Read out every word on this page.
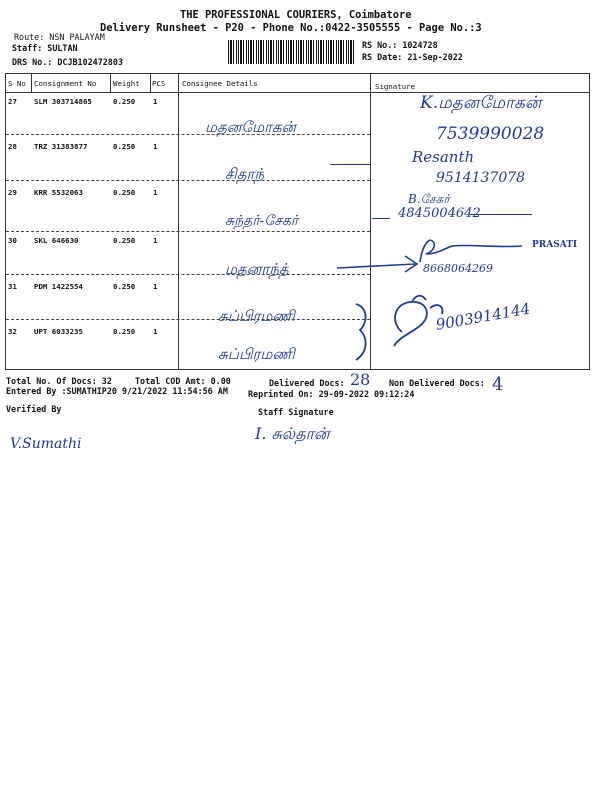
THE PROFESSIONAL COURIERS, Coimbatore
Delivery Runsheet - P20 - Phone No.:0422-3505555 - Page No.:3
Route: NSN PALAYAM
Staff: SULTAN
DRS No.: DCJB102472803
RS No.: 1024728
RS Date: 21-Sep-2022
S No Consignment No Weight PCS Consignee Details	Signature
27 SLM 303714865	0.250 1
மதனமோகன்
K.மதனமோகன்
7539990028
28 TRZ 31383877	0.250 1
சிதாந்
Resanth
9514137078
29 KRR 5532063	0.250 1
சுந்தர்-சேகர்
B.சேகர்
4845004642
30 SKL 646630	0.250 1
மதனாந்த்
PRASATI
8668064269
31 PDM 1422554	0.250 1
சுப்பிரமணி	9003914144
32 UPT 6033235	0.250 1
சுப்பிரமணி
Total No. Of Docs: 32	Total COD Amt: 0.00	Delivered Docs: 28 Non Delivered Docs: 4
Entered By :SUMATHIP20 9/21/2022 11:54:56 AM Reprinted On: 29-09-2022 09:12:24
Verified By	Staff Signature
V.Sumathi
I. சுல்தான்
